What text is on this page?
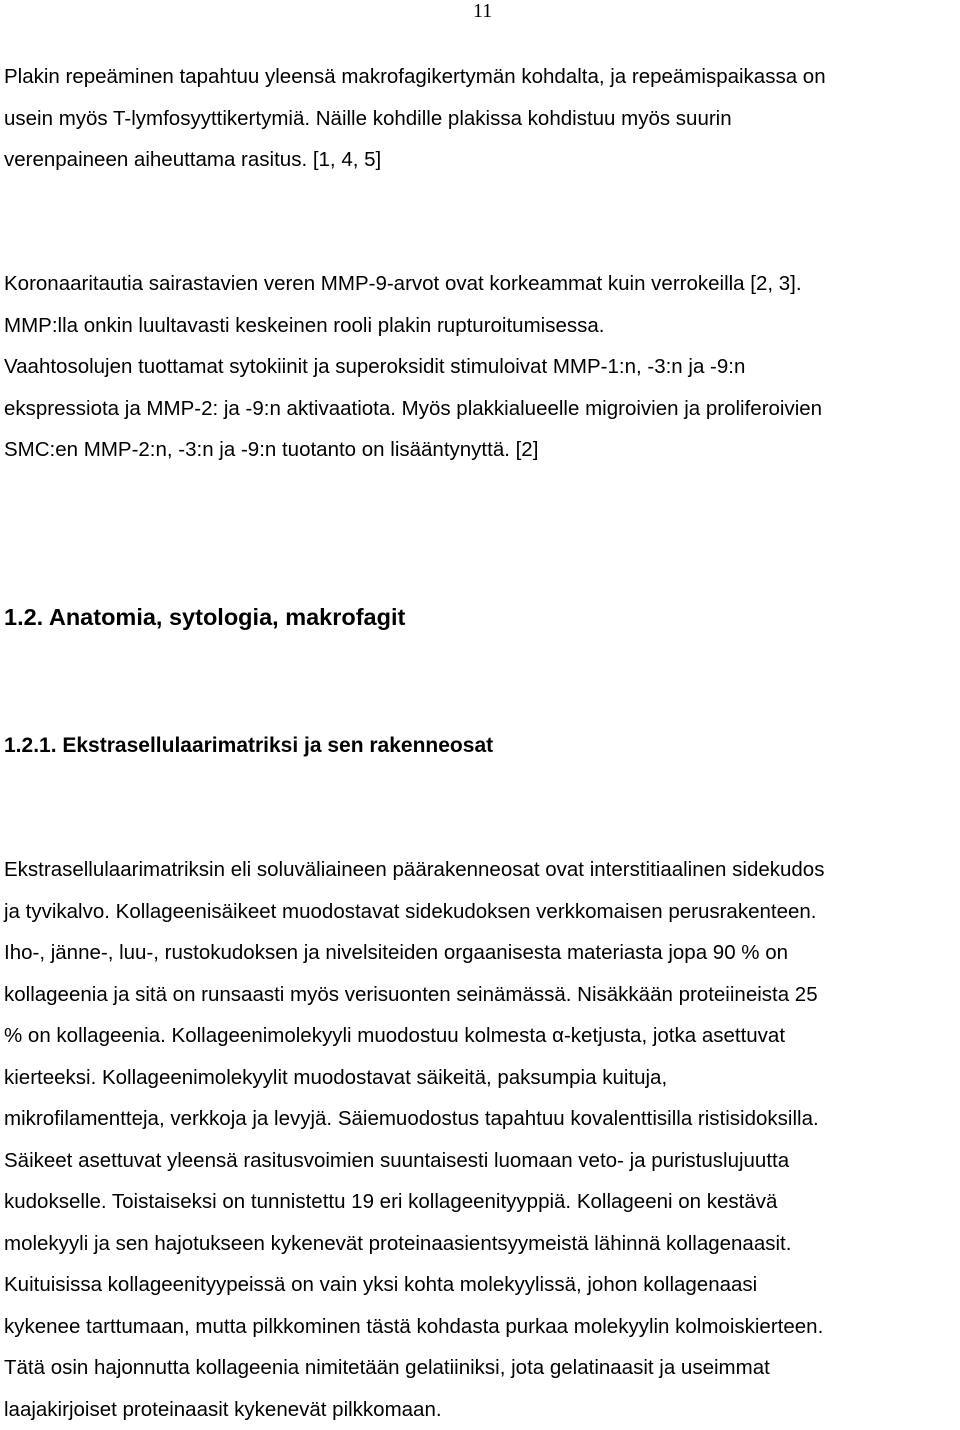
11

Plakin repeäminen tapahtuu yleensä makrofagikertymän kohdalta, ja repeämispaikassa on
usein myös T-lymfosyyttikertymiä. Näille kohdille plakissa kohdistuu myös suurin
verenpaineen aiheuttama rasitus. [1, 4, 5]

Koronaaritautia sairastavien veren MMP-9-arvot ovat korkeammat kuin verrokeilla [2, 3].
MMP:lla onkin luultavasti keskeinen rooli plakin rupturoitumisessa.
Vaahtosolujen tuottamat sytokiinit ja superoksidit stimuloivat MMP-1:n, -3:n ja -9:n
ekspressiota ja MMP-2: ja -9:n aktivaatiota. Myös plakkialueelle migroivien ja proliferoivien
SMC:en MMP-2:n, -3:n ja -9:n tuotanto on lisääntynyttä. [2]

1.2. Anatomia, sytologia, makrofagit
1.2.1. Ekstrasellulaarimatriksi ja sen rakenneosat

Ekstrasellulaarimatriksin eli soluväliaineen päärakenneosat ovat interstitiaalinen sidekudos
ja tyvikalvo. Kollageenisäikeet muodostavat sidekudoksen verkkomaisen perusrakenteen.
Iho-, jänne-, luu-, rustokudoksen ja nivelsiteiden orgaanisesta materiasta jopa 90 % on
kollageenia ja sitä on runsaasti myös verisuonten seinämässä. Nisäkkään proteiineista 25
% on kollageenia. Kollageenimolekyyli muodostuu kolmesta α-ketjusta, jotka asettuvat
kierteeksi. Kollageenimolekyylit muodostavat säikeitä, paksumpia kuituja,
mikrofilamentteja, verkkoja ja levyjä. Säiemuodostus tapahtuu kovalenttisilla ristisidoksilla.
Säikeet asettuvat yleensä rasitusvoimien suuntaisesti luomaan veto- ja puristuslujuutta
kudokselle. Toistaiseksi on tunnistettu 19 eri kollageenityyppiä. Kollageeni on kestävä
molekyyli ja sen hajotukseen kykenevät proteinaasientsyymeistä lähinnä kollagenaasit.
Kuituisissa kollageenityypeissä on vain yksi kohta molekyylissä, johon kollagenaasi
kykenee tarttumaan, mutta pilkkominen tästä kohdasta purkaa molekyylin kolmoiskierteen.
Tätä osin hajonnutta kollageenia nimitetään gelatiiniksi, jota gelatinaasit ja useimmat
laajakirjoiset proteinaasit kykenevät pilkkomaan.
